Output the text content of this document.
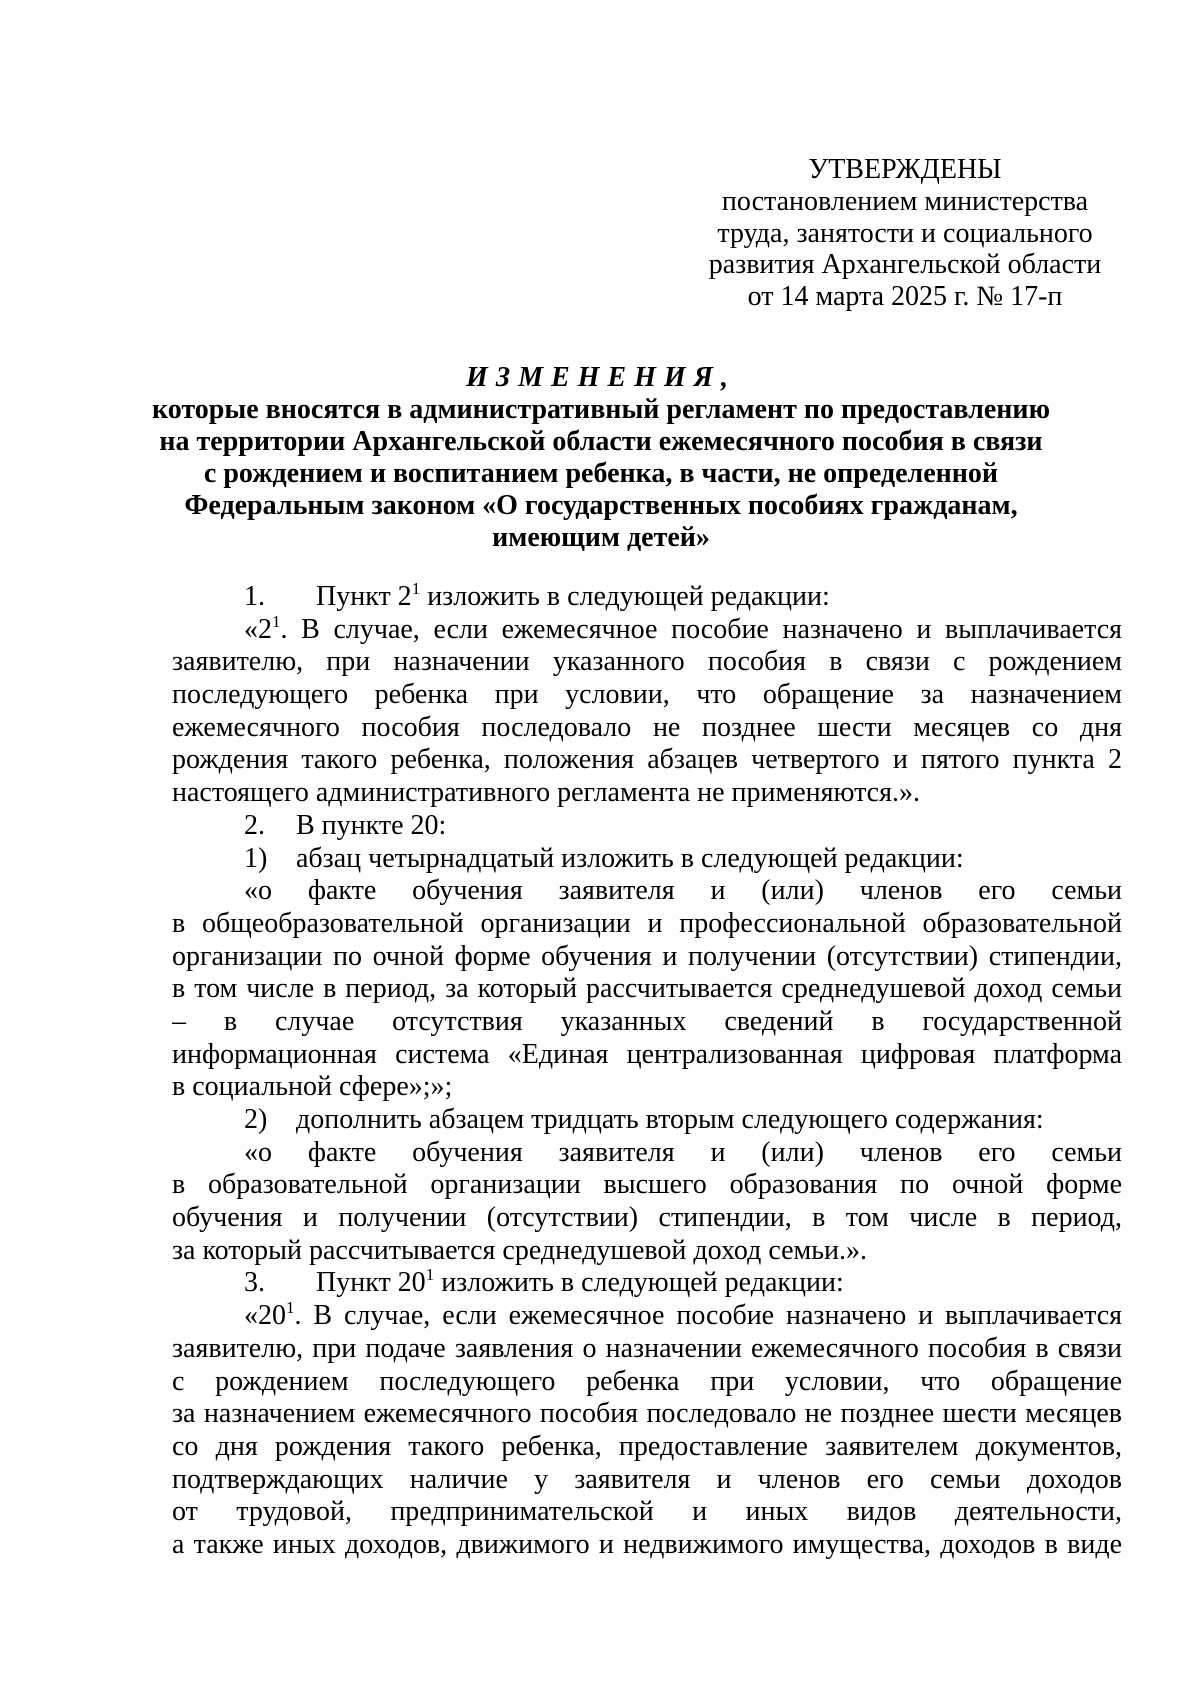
УТВЕРЖДЕНЫ
постановлением министерства
труда, занятости и социального
развития Архангельской области
от 14 марта 2025 г. № 17-п
ИЗМЕНЕНИЯ,
которые вносятся в административный регламент по предоставлению
на территории Архангельской области ежемесячного пособия в связи
с рождением и воспитанием ребенка, в части, не определенной
Федеральным законом «О государственных пособиях гражданам,
имеющим детей»
1. Пункт $2^1$ изложить в следующей редакции:
«$2^1$. В случае, если ежемесячное пособие назначено и выплачивается
заявителю, при назначении указанного пособия в связи с рождением
последующего ребенка при условии, что обращение за назначением
ежемесячного пособия последовало не позднее шести месяцев со дня
рождения такого ребенка, положения абзацев четвертого и пятого пункта 2
настоящего административного регламента не применяются.».
2. В пункте 20:
1) абзац четырнадцатый изложить в следующей редакции:
«о факте обучения заявителя и (или) членов его семьи
в общеобразовательной организации и профессиональной образовательной
организации по очной форме обучения и получении (отсутствии) стипендии,
в том числе в период, за который рассчитывается среднедушевой доход семьи
– в случае отсутствия указанных сведений в государственной
информационная система «Единая централизованная цифровая платформа
в социальной сфере»;»;
2) дополнить абзацем тридцать вторым следующего содержания:
«о факте обучения заявителя и (или) членов его семьи
в образовательной организации высшего образования по очной форме
обучения и получении (отсутствии) стипендии, в том числе в период,
за который рассчитывается среднедушевой доход семьи.».
3. Пункт $20^1$ изложить в следующей редакции:
«$20^1$. В случае, если ежемесячное пособие назначено и выплачивается
заявителю, при подаче заявления о назначении ежемесячного пособия в связи
с рождением последующего ребенка при условии, что обращение
за назначением ежемесячного пособия последовало не позднее шести месяцев
со дня рождения такого ребенка, предоставление заявителем документов,
подтверждающих наличие у заявителя и членов его семьи доходов
от трудовой, предпринимательской и иных видов деятельности,
а также иных доходов, движимого и недвижимого имущества, доходов в виде
